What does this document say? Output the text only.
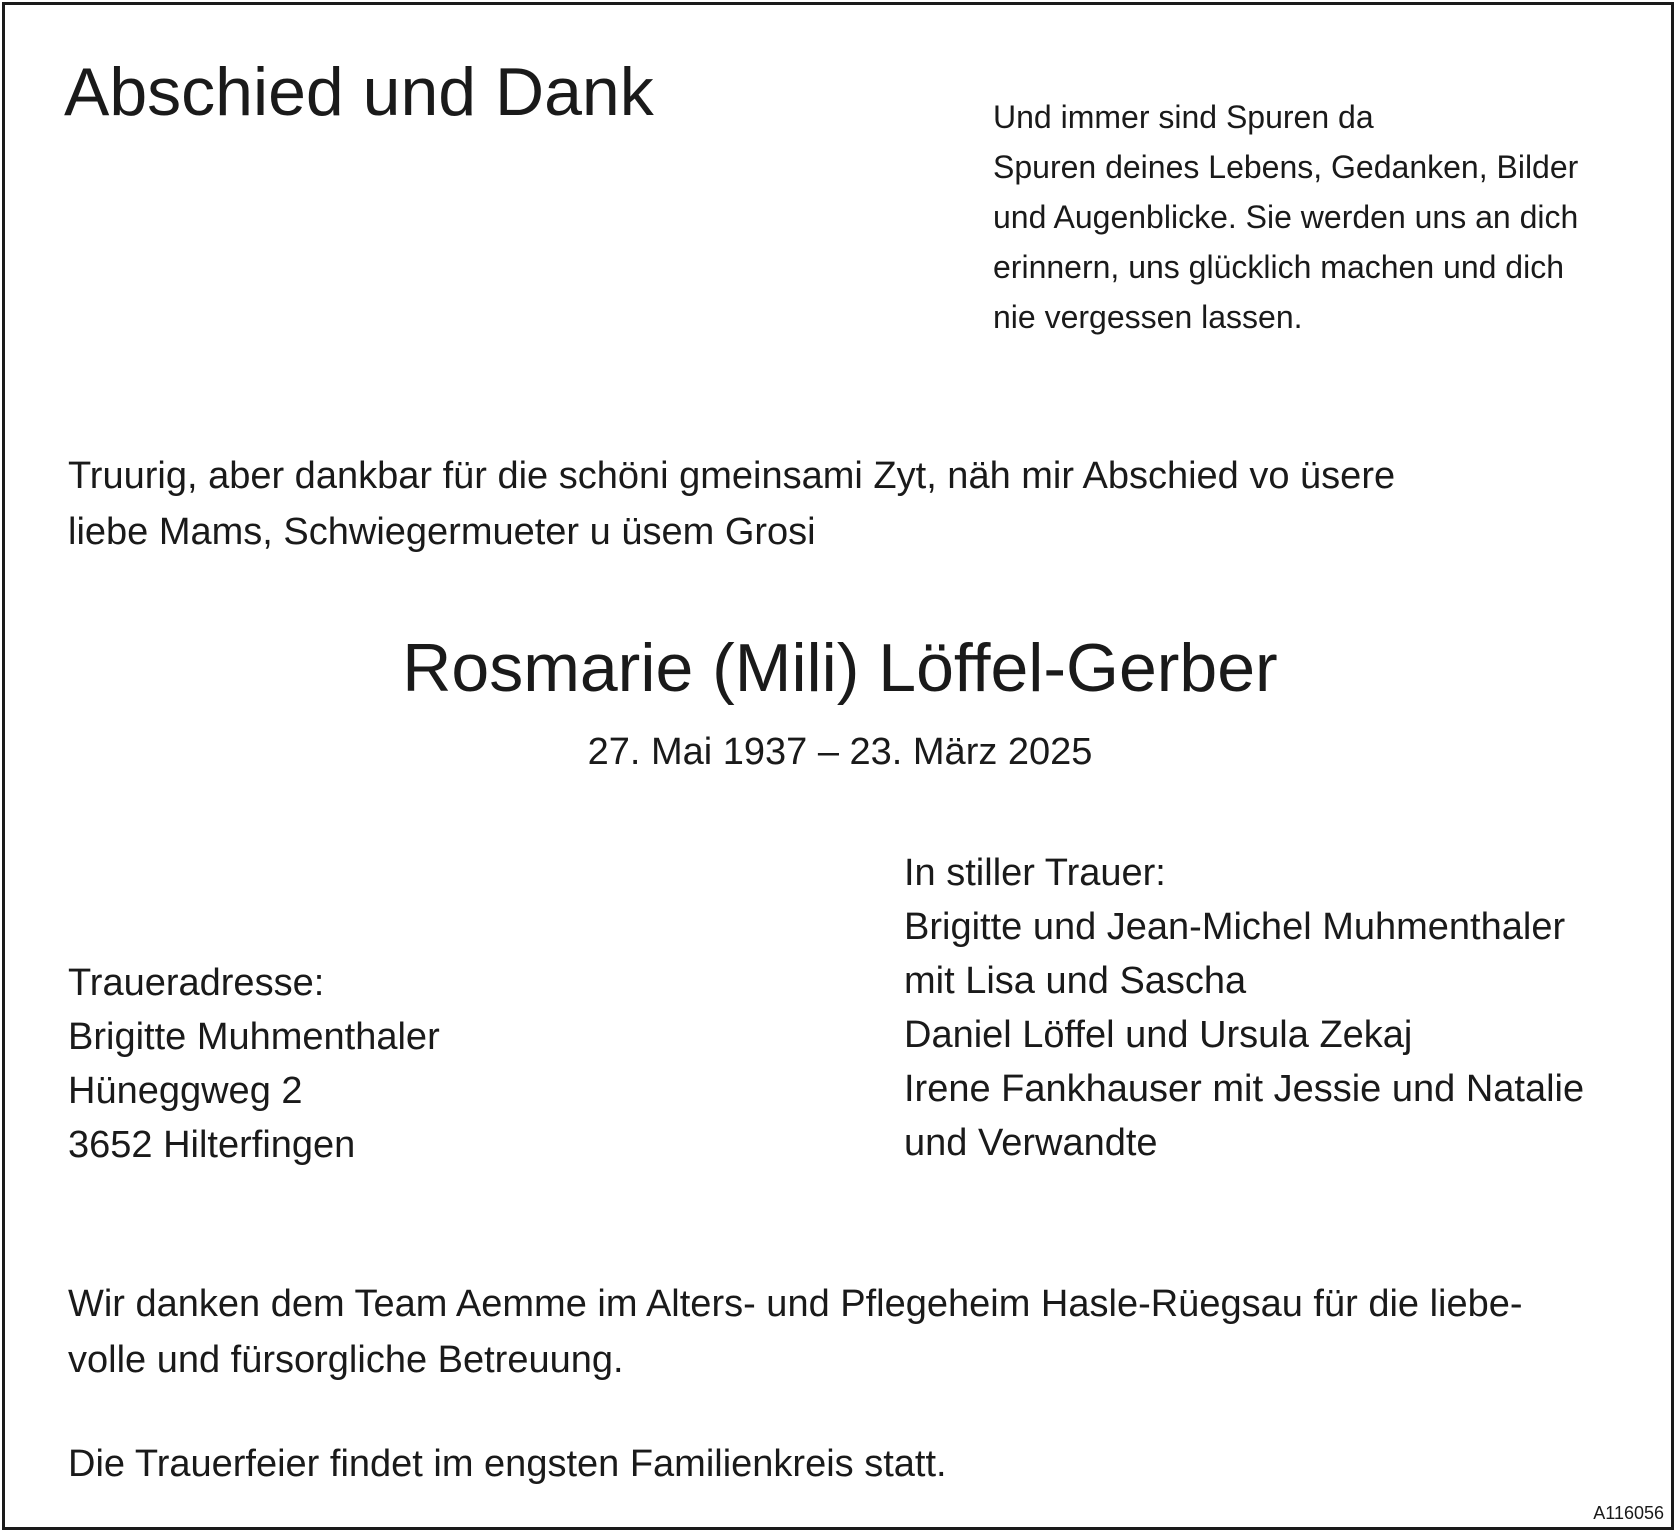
Abschied und Dank	Und immer sind Spuren da
Spuren deines Lebens, Gedanken, Bilder
und Augenblicke. Sie werden uns an dich
erinnern, uns glücklich machen und dich
nie vergessen lassen.
Truurig, aber dankbar für die schöni gmeinsami Zyt, näh mir Abschied vo üsere
liebe Mams, Schwiegermueter u üsem Grosi
Rosmarie (Mili) Löffel-Gerber
27. Mai 1937 – 23. März 2025
In stiller Trauer:
Brigitte und Jean-Michel Muhmenthaler
mit Lisa und Sascha
Daniel Löffel und Ursula Zekaj
Irene Fankhauser mit Jessie und Natalie
und Verwandte
Traueradresse:
Brigitte Muhmenthaler
Hüneggweg 2
3652 Hilterfingen
Wir danken dem Team Aemme im Alters- und Pflegeheim Hasle-Rüegsau für die liebe-
volle und fürsorgliche Betreuung.
Die Trauerfeier findet im engsten Familienkreis statt.
A116056
